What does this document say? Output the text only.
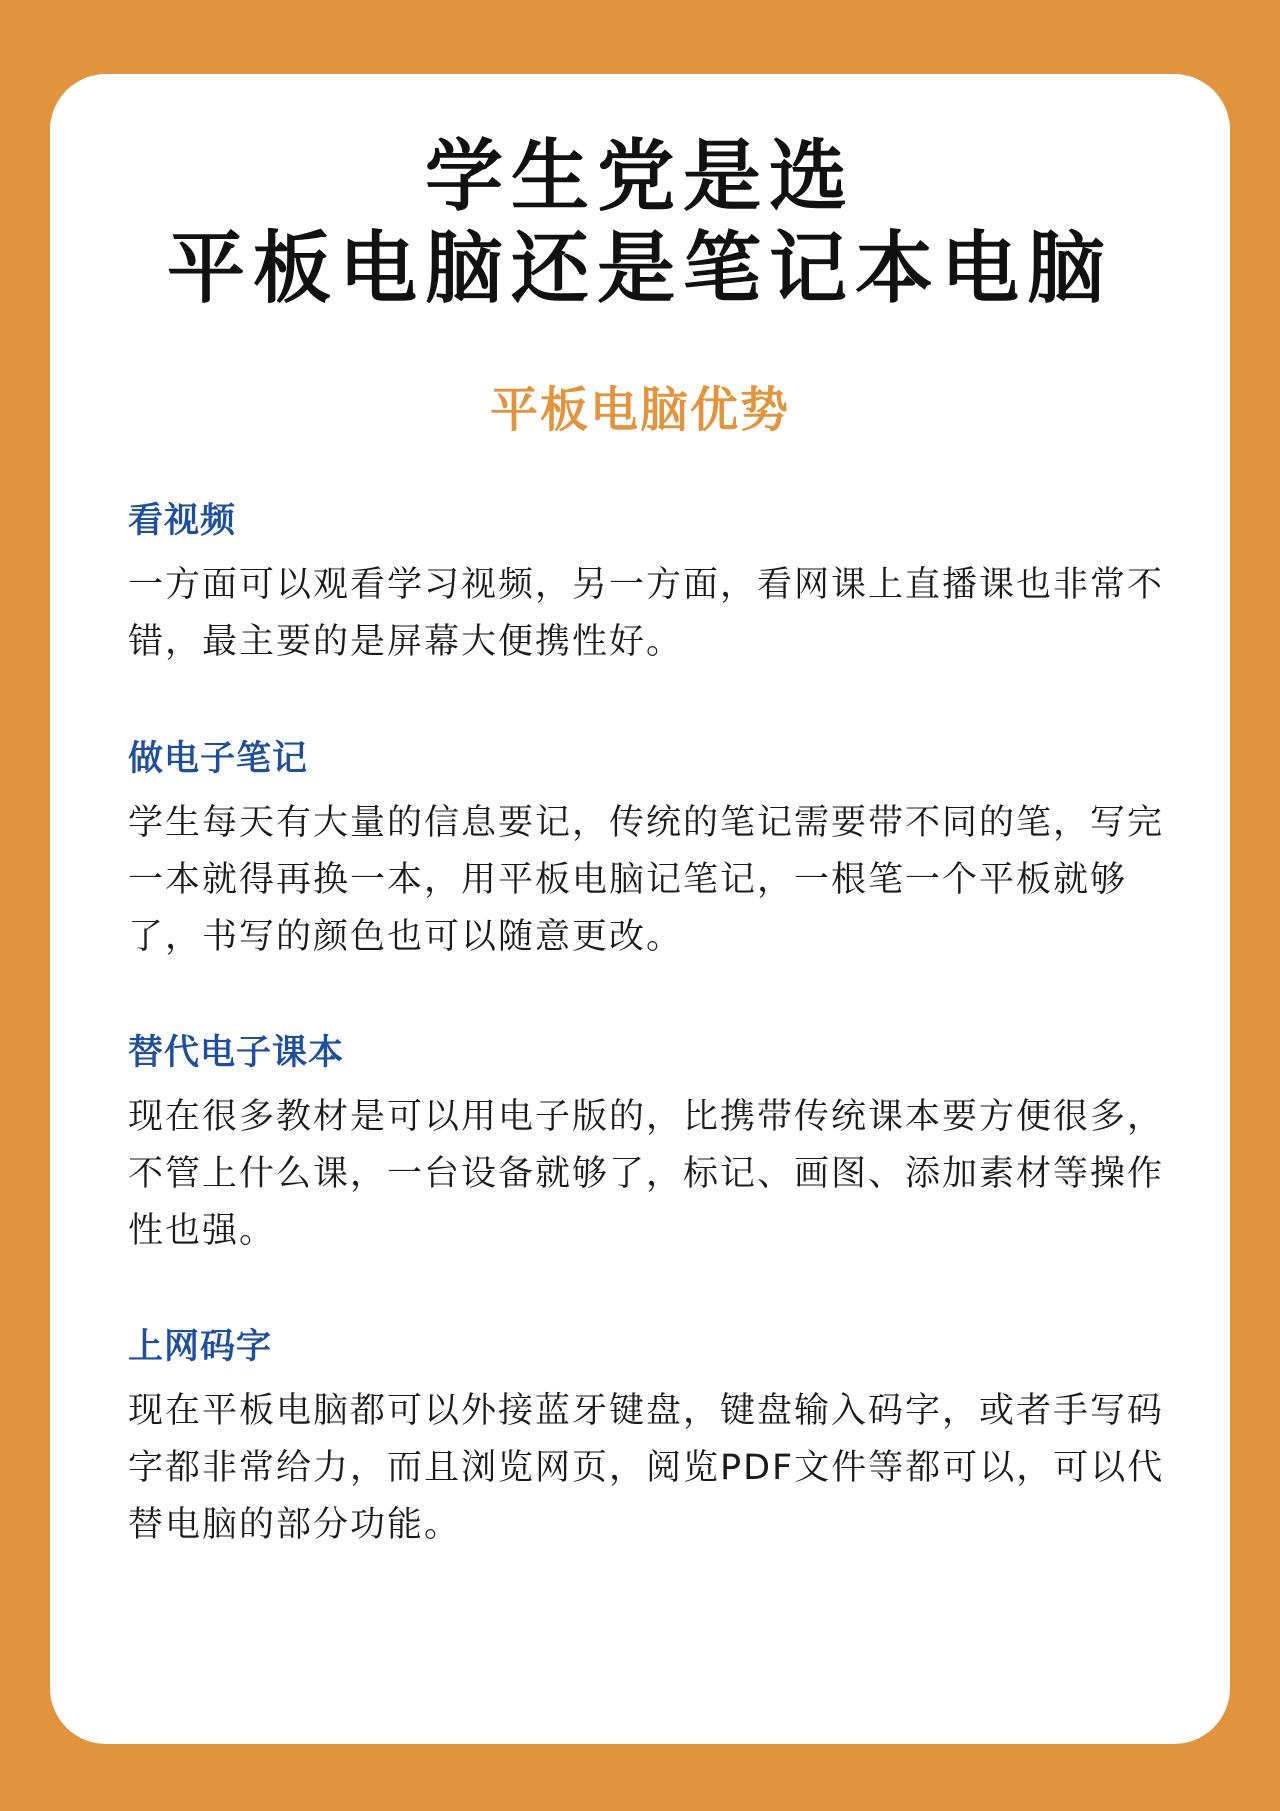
学生党是选
平板电脑还是笔记本电脑
平板电脑优势
看视频

一方面可以观看学习视频，另一方面，看网课上直播课也非常不错，最主要的是屏幕大便携性好。

做电子笔记

学生每天有大量的信息要记，传统的笔记需要带不同的笔，写完一本就得再换一本，用平板电脑记笔记，一根笔一个平板就够了，书写的颜色也可以随意更改。

替代电子课本

现在很多教材是可以用电子版的，比携带传统课本要方便很多，不管上什么课，一台设备就够了，标记、画图、添加素材等操作性也强。

上网码字

现在平板电脑都可以外接蓝牙键盘，键盘输入码字，或者手写码字都非常给力，而且浏览网页，阅览PDF文件等都可以，可以代替电脑的部分功能。
